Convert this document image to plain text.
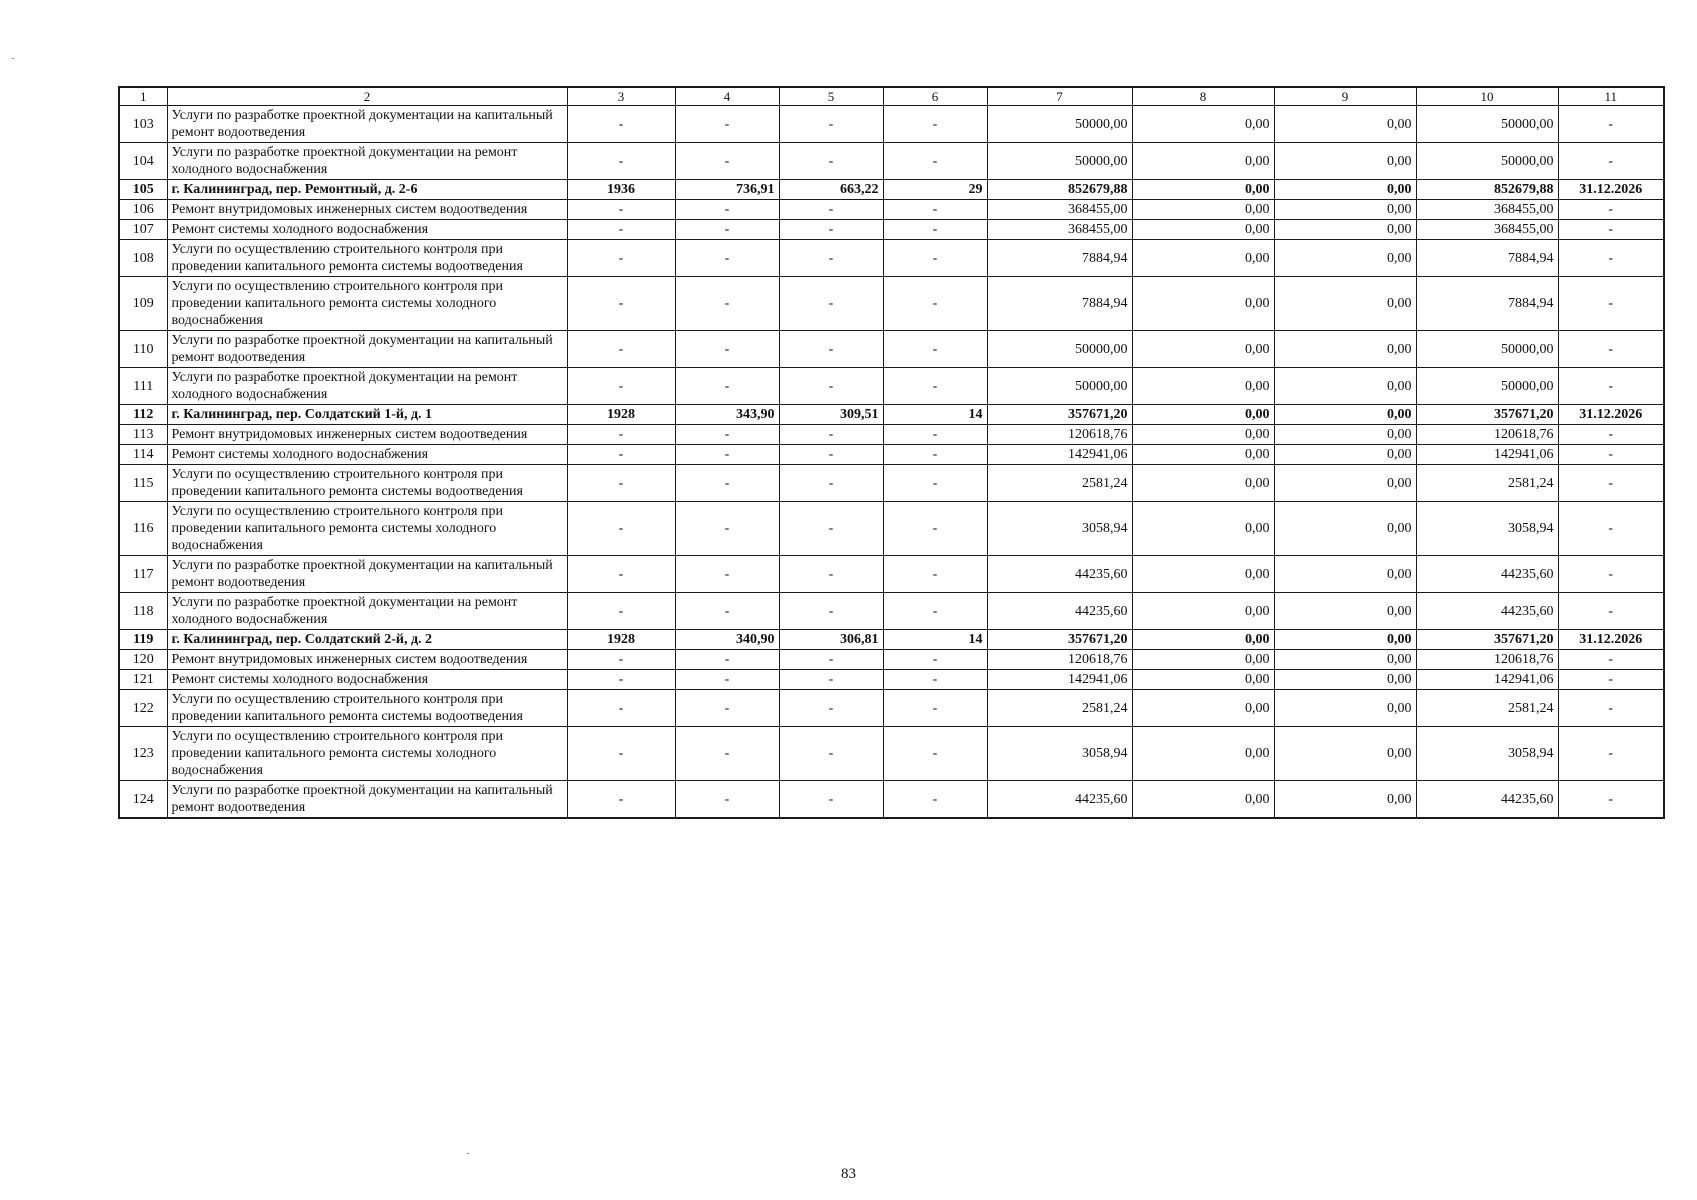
1	2	3	4	5	6	7	8	9	10	11
103	Услуги по разработке проектной документации на капитальный ремонт водоотведения	-	-	-	-	50000,00	0,00	0,00	50000,00	-
104	Услуги по разработке проектной документации на ремонт холодного водоснабжения	-	-	-	-	50000,00	0,00	0,00	50000,00	-
105	г. Калининград, пер. Ремонтный, д. 2-6	1936	736,91	663,22	29	852679,88	0,00	0,00	852679,88	31.12.2026
106	Ремонт внутридомовых инженерных систем водоотведения	-	-	-	-	368455,00	0,00	0,00	368455,00	-
107	Ремонт системы холодного водоснабжения	-	-	-	-	368455,00	0,00	0,00	368455,00	-
108	Услуги по осуществлению строительного контроля при проведении капитального ремонта системы водоотведения	-	-	-	-	7884,94	0,00	0,00	7884,94	-
109	Услуги по осуществлению строительного контроля при проведении капитального ремонта системы холодного водоснабжения	-	-	-	-	7884,94	0,00	0,00	7884,94	-
110	Услуги по разработке проектной документации на капитальный ремонт водоотведения	-	-	-	-	50000,00	0,00	0,00	50000,00	-
111	Услуги по разработке проектной документации на ремонт холодного водоснабжения	-	-	-	-	50000,00	0,00	0,00	50000,00	-
112	г. Калининград, пер. Солдатский 1-й, д. 1	1928	343,90	309,51	14	357671,20	0,00	0,00	357671,20	31.12.2026
113	Ремонт внутридомовых инженерных систем водоотведения	-	-	-	-	120618,76	0,00	0,00	120618,76	-
114	Ремонт системы холодного водоснабжения	-	-	-	-	142941,06	0,00	0,00	142941,06	-
115	Услуги по осуществлению строительного контроля при проведении капитального ремонта системы водоотведения	-	-	-	-	2581,24	0,00	0,00	2581,24	-
116	Услуги по осуществлению строительного контроля при проведении капитального ремонта системы холодного водоснабжения	-	-	-	-	3058,94	0,00	0,00	3058,94	-
117	Услуги по разработке проектной документации на капитальный ремонт водоотведения	-	-	-	-	44235,60	0,00	0,00	44235,60	-
118	Услуги по разработке проектной документации на ремонт холодного водоснабжения	-	-	-	-	44235,60	0,00	0,00	44235,60	-
119	г. Калининград, пер. Солдатский 2-й, д. 2	1928	340,90	306,81	14	357671,20	0,00	0,00	357671,20	31.12.2026
120	Ремонт внутридомовых инженерных систем водоотведения	-	-	-	-	120618,76	0,00	0,00	120618,76	-
121	Ремонт системы холодного водоснабжения	-	-	-	-	142941,06	0,00	0,00	142941,06	-
122	Услуги по осуществлению строительного контроля при проведении капитального ремонта системы водоотведения	-	-	-	-	2581,24	0,00	0,00	2581,24	-
123	Услуги по осуществлению строительного контроля при проведении капитального ремонта системы холодного водоснабжения	-	-	-	-	3058,94	0,00	0,00	3058,94	-
124	Услуги по разработке проектной документации на капитальный ремонт водоотведения	-	-	-	-	44235,60	0,00	0,00	44235,60	-
83
